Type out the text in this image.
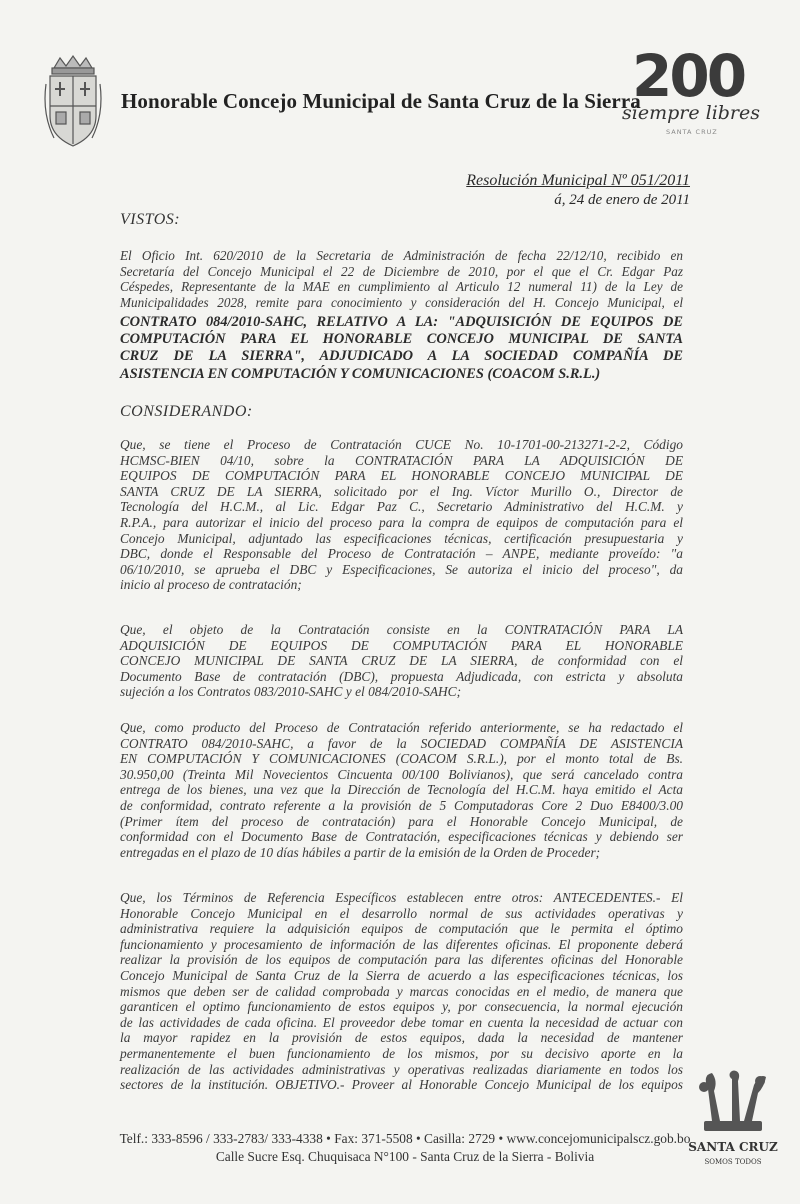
Honorable Concejo Municipal de Santa Cruz de la Sierra
200
siempre libres
SANTA CRUZ
Resolución Municipal Nº 051/2011
á, 24 de enero de 2011
VISTOS:
El Oficio Int. 620/2010 de la Secretaria de Administración de fecha 22/12/10, recibido en
Secretaría del Concejo Municipal el 22 de Diciembre de 2010, por el que el Cr. Edgar Paz
Céspedes, Representante de la MAE en cumplimiento al Articulo 12 numeral 11) de la Ley de
Municipalidades 2028, remite para conocimiento y consideración del H. Concejo Municipal, el
CONTRATO 084/2010-SAHC, RELATIVO A LA: "ADQUISICIÓN DE EQUIPOS DE
COMPUTACIÓN PARA EL HONORABLE CONCEJO MUNICIPAL DE SANTA
CRUZ DE LA SIERRA", ADJUDICADO A LA SOCIEDAD COMPAÑÍA DE
ASISTENCIA EN COMPUTACIÓN Y COMUNICACIONES (COACOM S.R.L.)
CONSIDERANDO:
Que, se tiene el Proceso de Contratación CUCE No. 10-1701-00-213271-2-2, Código
HCMSC-BIEN 04/10, sobre la CONTRATACIÓN PARA LA ADQUISICIÓN DE
EQUIPOS DE COMPUTACIÓN PARA EL HONORABLE CONCEJO MUNICIPAL DE
SANTA CRUZ DE LA SIERRA, solicitado por el Ing. Víctor Murillo O., Director de
Tecnología del H.C.M., al Lic. Edgar Paz C., Secretario Administrativo del H.C.M. y
R.P.A., para autorizar el inicio del proceso para la compra de equipos de computación para el
Concejo Municipal, adjuntado las especificaciones técnicas, certificación presupuestaria y
DBC, donde el Responsable del Proceso de Contratación – ANPE, mediante proveído: "a
06/10/2010, se aprueba el DBC y Especificaciones, Se autoriza el inicio del proceso", da
inicio al proceso de contratación;
Que, el objeto de la Contratación consiste en la CONTRATACIÓN PARA LA
ADQUISICIÓN DE EQUIPOS DE COMPUTACIÓN PARA EL HONORABLE
CONCEJO MUNICIPAL DE SANTA CRUZ DE LA SIERRA, de conformidad con el
Documento Base de contratación (DBC), propuesta Adjudicada, con estricta y absoluta
sujeción a los Contratos 083/2010-SAHC y el 084/2010-SAHC;
Que, como producto del Proceso de Contratación referido anteriormente, se ha redactado el
CONTRATO 084/2010-SAHC, a favor de la SOCIEDAD COMPAÑÍA DE ASISTENCIA
EN COMPUTACIÓN Y COMUNICACIONES (COACOM S.R.L.), por el monto total de Bs.
30.950,00 (Treinta Mil Novecientos Cincuenta 00/100 Bolivianos), que será cancelado contra
entrega de los bienes, una vez que la Dirección de Tecnología del H.C.M. haya emitido el Acta
de conformidad, contrato referente a la provisión de 5 Computadoras Core 2 Duo E8400/3.00
(Primer ítem del proceso de contratación) para el Honorable Concejo Municipal, de
conformidad con el Documento Base de Contratación, especificaciones técnicas y debiendo ser
entregadas en el plazo de 10 días hábiles a partir de la emisión de la Orden de Proceder;
Que, los Términos de Referencia Específicos establecen entre otros: ANTECEDENTES.- El
Honorable Concejo Municipal en el desarrollo normal de sus actividades operativas y
administrativa requiere la adquisición equipos de computación que le permita el óptimo
funcionamiento y procesamiento de información de las diferentes oficinas. El proponente deberá
realizar la provisión de los equipos de computación para las diferentes oficinas del Honorable
Concejo Municipal de Santa Cruz de la Sierra de acuerdo a las especificaciones técnicas, los
mismos que deben ser de calidad comprobada y marcas conocidas en el medio, de manera que
garanticen el optimo funcionamiento de estos equipos y, por consecuencia, la normal ejecución
de las actividades de cada oficina. El proveedor debe tomar en cuenta la necesidad de actuar con
la mayor rapidez en la provisión de estos equipos, dada la necesidad de mantener
permanentemente el buen funcionamiento de los mismos, por su decisivo aporte en la
realización de las actividades administrativas y operativas realizadas diariamente en todos los
sectores de la institución. OBJETIVO.- Proveer al Honorable Concejo Municipal de los equipos
SANTA CRUZ
SOMOS TODOS
Telf.: 333-8596 / 333-2783/ 333-4338 • Fax: 371-5508 • Casilla: 2729 • www.concejomunicipalscz.gob.bo
Calle Sucre Esq. Chuquisaca N°100 - Santa Cruz de la Sierra - Bolivia
